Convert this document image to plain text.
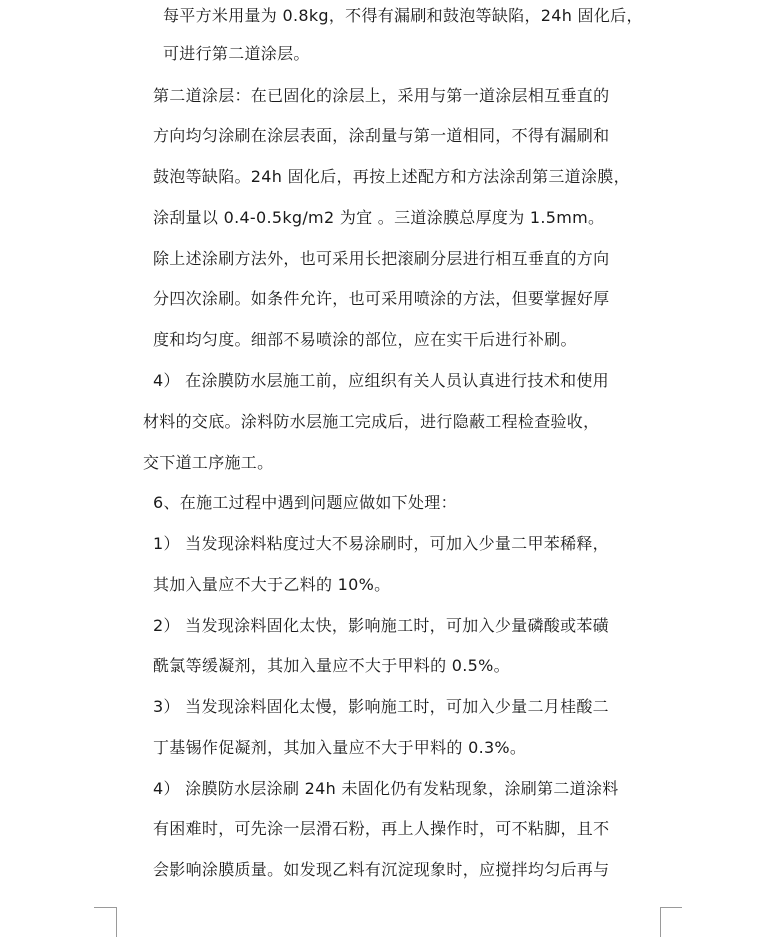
每平方米用量为 0.8kg，不得有漏刷和鼓泡等缺陷，24h 固化后，
可进行第二道涂层。
第二道涂层：在已固化的涂层上，采用与第一道涂层相互垂直的
方向均匀涂刷在涂层表面，涂刮量与第一道相同，不得有漏刷和
鼓泡等缺陷。24h 固化后，再按上述配方和方法涂刮第三道涂膜，
涂刮量以 0.4-0.5kg/m2 为宜 。三道涂膜总厚度为 1.5mm。
除上述涂刷方法外，也可采用长把滚刷分层进行相互垂直的方向
分四次涂刷。如条件允许，也可采用喷涂的方法，但要掌握好厚
度和均匀度。细部不易喷涂的部位，应在实干后进行补刷。
4） 在涂膜防水层施工前，应组织有关人员认真进行技术和使用
材料的交底。涂料防水层施工完成后，进行隐蔽工程检查验收，
交下道工序施工。
6、在施工过程中遇到问题应做如下处理：
1） 当发现涂料粘度过大不易涂刷时，可加入少量二甲苯稀释，
其加入量应不大于乙料的 10%。
2） 当发现涂料固化太快，影响施工时，可加入少量磷酸或苯磺
酰氯等缓凝剂，其加入量应不大于甲料的 0.5%。
3） 当发现涂料固化太慢，影响施工时，可加入少量二月桂酸二
丁基锡作促凝剂，其加入量应不大于甲料的 0.3%。
4） 涂膜防水层涂刷 24h 未固化仍有发粘现象，涂刷第二道涂料
有困难时，可先涂一层滑石粉，再上人操作时，可不粘脚，且不
会影响涂膜质量。如发现乙料有沉淀现象时，应搅拌均匀后再与
